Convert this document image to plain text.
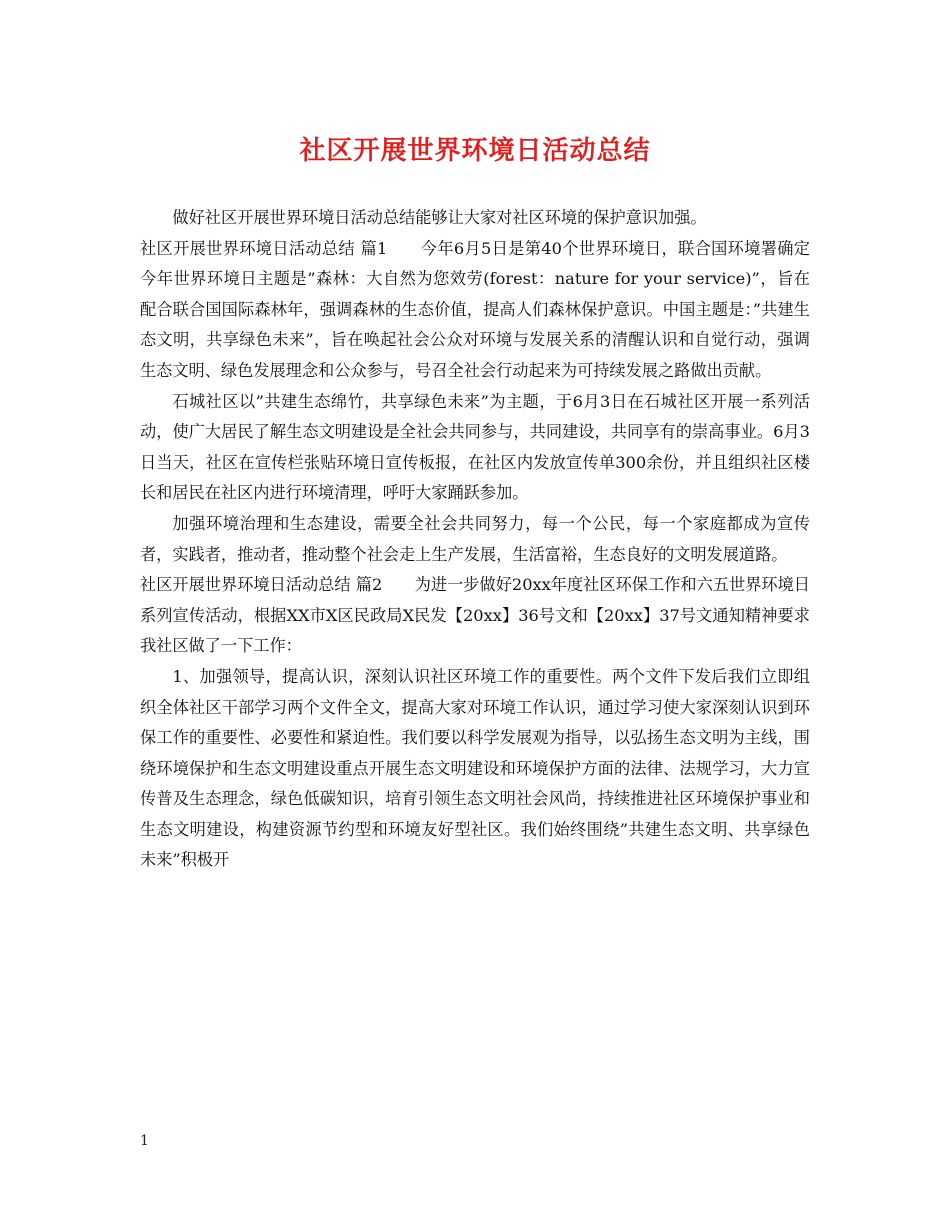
社区开展世界环境日活动总结

做好社区开展世界环境日活动总结能够让大家对社区环境的保护意识加强。

社区开展世界环境日活动总结 篇1　　今年6月5日是第40个世界环境日，联合国环境署确定今年世界环境日主题是”森林：大自然为您效劳(forest：nature for your service)”，旨在配合联合国国际森林年，强调森林的生态价值，提高人们森林保护意识。中国主题是：”共建生态文明，共享绿色未来”，旨在唤起社会公众对环境与发展关系的清醒认识和自觉行动，强调生态文明、绿色发展理念和公众参与，号召全社会行动起来为可持续发展之路做出贡献。

石城社区以”共建生态绵竹，共享绿色未来”为主题，于6月3日在石城社区开展一系列活动，使广大居民了解生态文明建设是全社会共同参与，共同建设，共同享有的崇高事业。6月3日当天，社区在宣传栏张贴环境日宣传板报，在社区内发放宣传单300余份，并且组织社区楼长和居民在社区内进行环境清理，呼吁大家踊跃参加。

加强环境治理和生态建设，需要全社会共同努力，每一个公民，每一个家庭都成为宣传者，实践者，推动者，推动整个社会走上生产发展，生活富裕，生态良好的文明发展道路。

社区开展世界环境日活动总结 篇2　　为进一步做好20xx年度社区环保工作和六五世界环境日系列宣传活动，根据XX市X区民政局X民发【20xx】36号文和【20xx】37号文通知精神要求我社区做了一下工作：

1、加强领导，提高认识，深刻认识社区环境工作的重要性。两个文件下发后我们立即组织全体社区干部学习两个文件全文，提高大家对环境工作认识，通过学习使大家深刻认识到环保工作的重要性、必要性和紧迫性。我们要以科学发展观为指导，以弘扬生态文明为主线，围绕环境保护和生态文明建设重点开展生态文明建设和环境保护方面的法律、法规学习，大力宣传普及生态理念，绿色低碳知识，培育引领生态文明社会风尚，持续推进社区环境保护事业和生态文明建设，构建资源节约型和环境友好型社区。我们始终围绕”共建生态文明、共享绿色未来”积极开

1
